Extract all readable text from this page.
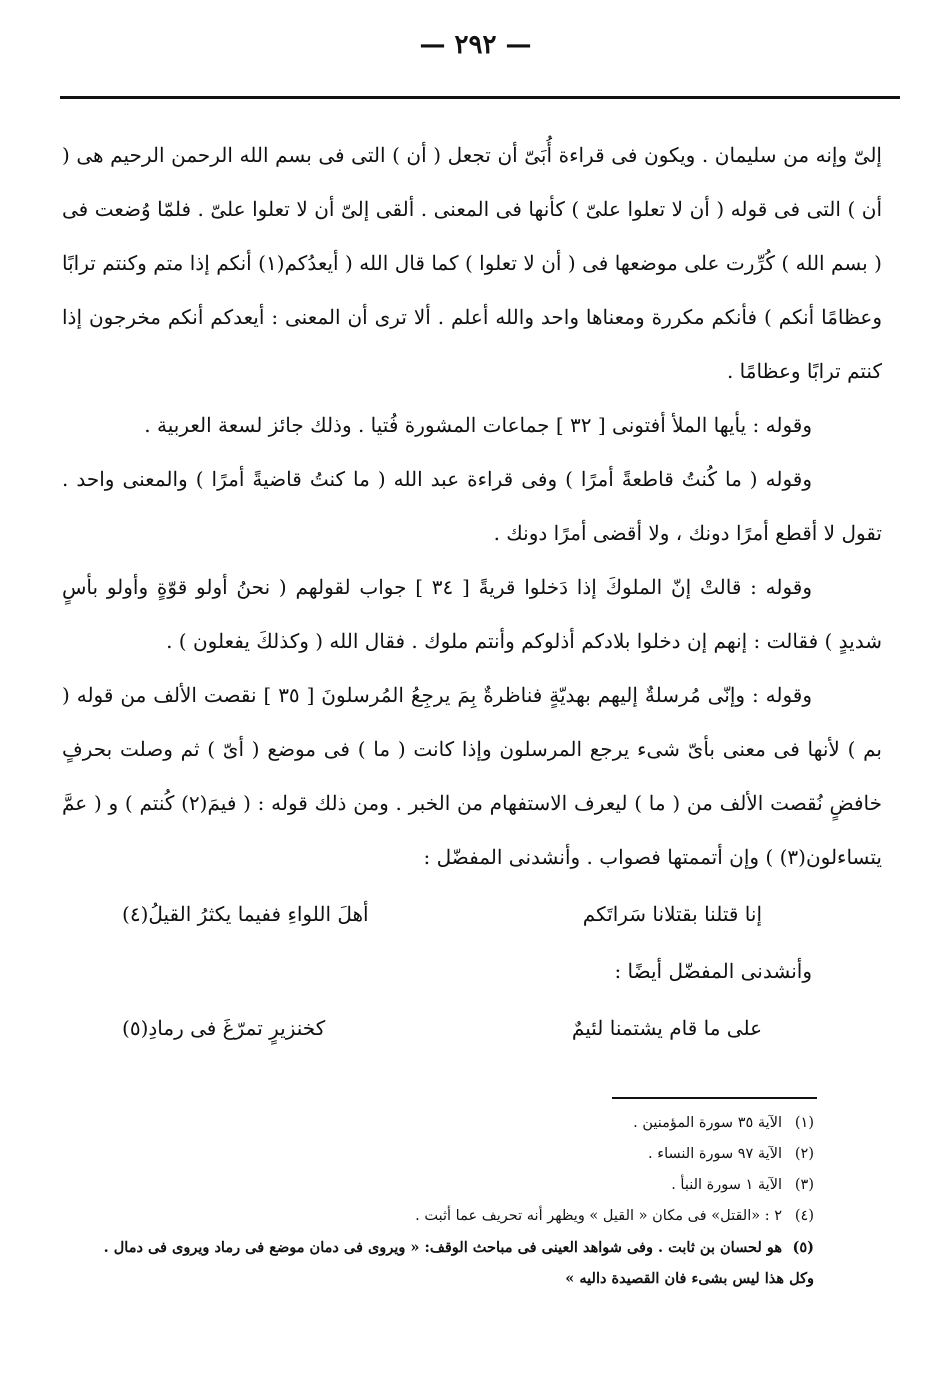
— ٢٩٢ —

إلىّ وإنه من سليمان . ويكون فى قراءة أُبَىّ أن تجعل ( أن ) التى فى بسم الله الرحمن الرحيم هى ( أن ) التى فى قوله ( أن لا تعلوا علىّ ) كأنها فى المعنى . ألقى إلىّ أن لا تعلوا علىّ . فلمّا وُضعت فى ( بسم الله ) كُرِّرت على موضعها فى ( أن لا تعلوا ) كما قال الله ( أيعدُكم(١) أنكم إذا متم وكنتم ترابًا وعظامًا أنكم ) فأنكم مكررة ومعناها واحد والله أعلم . ألا ترى أن المعنى : أيعدكم أنكم مخرجون إذا كنتم ترابًا وعظامًا .

وقوله : يأيها الملأ أفتونى [ ٣٢ ] جماعات المشورة فُتيا . وذلك جائز لسعة العربية .

وقوله ( ما كُنتُ قاطعةً أمرًا ) وفى قراءة عبد الله ( ما كنتُ قاضيةً أمرًا ) والمعنى واحد . تقول لا أقطع أمرًا دونك ، ولا أقضى أمرًا دونك .

وقوله : قالتْ إنّ الملوكَ إذا دَخلوا قريةً [ ٣٤ ] جواب لقولهم ( نحنُ أولو قوّةٍ وأولو بأسٍ شديدٍ ) فقالت : إنهم إن دخلوا بلادكم أذلوكم وأنتم ملوك . فقال الله ( وكذلكَ يفعلون ) .

وقوله : وإنّى مُرسلةٌ إليهم بهديّةٍ فناظرةٌ بِمَ يرجِعُ المُرسلونَ [ ٣٥ ] نقصت الألف من قوله ( بم ) لأنها فى معنى بأىّ شىء يرجع المرسلون وإذا كانت ( ما ) فى موضع ( أىّ ) ثم وصلت بحرفٍ خافضٍ نُقصت الألف من ( ما ) ليعرف الاستفهام من الخبر . ومن ذلك قوله : ( فيمَ(٢) كُنتم ) و ( عمَّ يتساءلون(٣) ) وإن أتممتها فصواب . وأنشدنى المفضّل :

إنا قتلنا بقتلانا سَراتَكم
أهلَ اللواءِ ففيما يكثرُ القيلُ(٤)

وأنشدنى المفضّل أيضًا :

على ما قام يشتمنا لئيمٌ
كخنزيرٍ تمرّغَ فى رمادِ(٥)

(١)الآية ٣٥ سورة المؤمنين .

(٢)الآية ٩٧ سورة النساء .

(٣)الآية ١ سورة النبأ .

(٤)٢ : «القتل» فى مكان « القيل » ويظهر أنه تحريف عما أثبت .

(٥)هو لحسان بن ثابت . وفى شواهد العينى فى مباحث الوقف: « ويروى فى دمان موضع فى رماد ويروى فى دمال .

وكل هذا ليس بشىء فان القصيدة داليه »
